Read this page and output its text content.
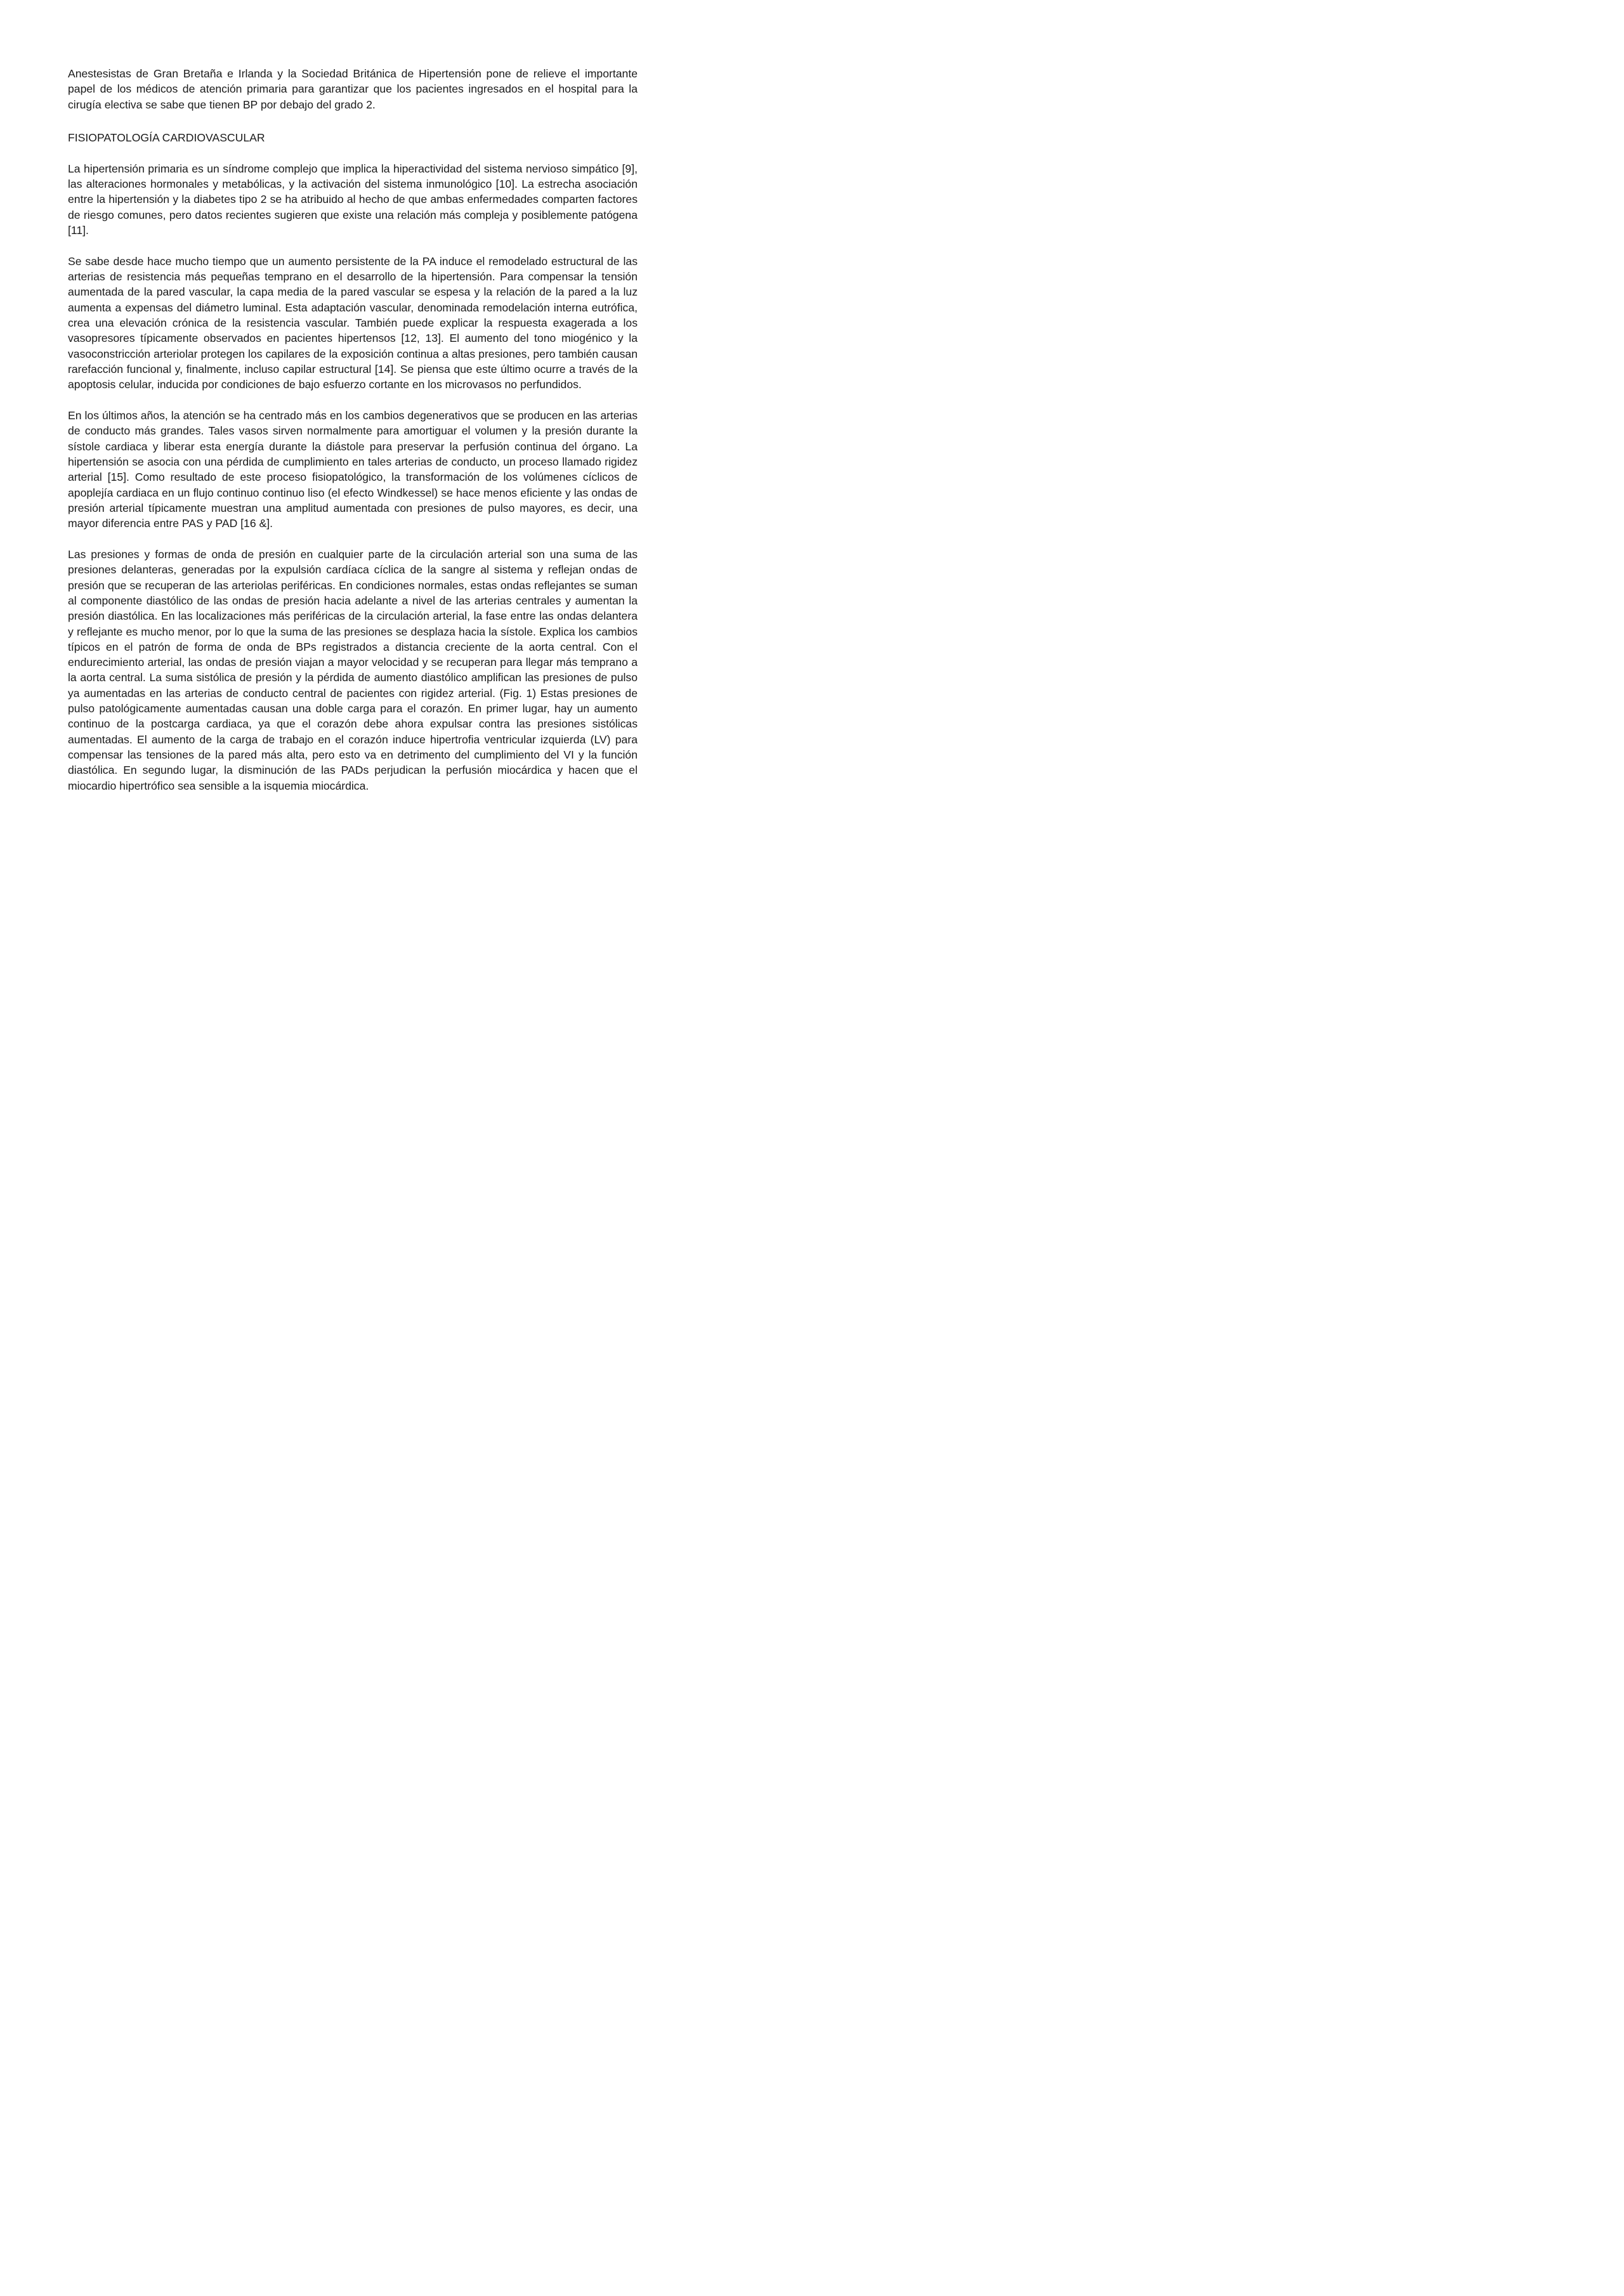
Anestesistas de Gran Bretaña e Irlanda y la Sociedad Británica de Hipertensión pone de relieve el importante papel de los médicos de atención primaria para garantizar que los pacientes ingresados en el hospital para la cirugía electiva se sabe que tienen BP por debajo del grado 2.

FISIOPATOLOGÍA CARDIOVASCULAR

La hipertensión primaria es un síndrome complejo que implica la hiperactividad del sistema nervioso simpático [9], las alteraciones hormonales y metabólicas, y la activación del sistema inmunológico [10]. La estrecha asociación entre la hipertensión y la diabetes tipo 2 se ha atribuido al hecho de que ambas enfermedades comparten factores de riesgo comunes, pero datos recientes sugieren que existe una relación más compleja y posiblemente patógena [11].

Se sabe desde hace mucho tiempo que un aumento persistente de la PA induce el remodelado estructural de las arterias de resistencia más pequeñas temprano en el desarrollo de la hipertensión. Para compensar la tensión aumentada de la pared vascular, la capa media de la pared vascular se espesa y la relación de la pared a la luz aumenta a expensas del diámetro luminal. Esta adaptación vascular, denominada remodelación interna eutrófica, crea una elevación crónica de la resistencia vascular. También puede explicar la respuesta exagerada a los vasopresores típicamente observados en pacientes hipertensos [12, 13]. El aumento del tono miogénico y la vasoconstricción arteriolar protegen los capilares de la exposición continua a altas presiones, pero también causan rarefacción funcional y, finalmente, incluso capilar estructural [14]. Se piensa que este último ocurre a través de la apoptosis celular, inducida por condiciones de bajo esfuerzo cortante en los microvasos no perfundidos.

En los últimos años, la atención se ha centrado más en los cambios degenerativos que se producen en las arterias de conducto más grandes. Tales vasos sirven normalmente para amortiguar el volumen y la presión durante la sístole cardiaca y liberar esta energía durante la diástole para preservar la perfusión continua del órgano. La hipertensión se asocia con una pérdida de cumplimiento en tales arterias de conducto, un proceso llamado rigidez arterial [15]. Como resultado de este proceso fisiopatológico, la transformación de los volúmenes cíclicos de apoplejía cardiaca en un flujo continuo continuo liso (el efecto Windkessel) se hace menos eficiente y las ondas de presión arterial típicamente muestran una amplitud aumentada con presiones de pulso mayores, es decir, una mayor diferencia entre PAS y PAD [16 &].

Las presiones y formas de onda de presión en cualquier parte de la circulación arterial son una suma de las presiones delanteras, generadas por la expulsión cardíaca cíclica de la sangre al sistema y reflejan ondas de presión que se recuperan de las arteriolas periféricas. En condiciones normales, estas ondas reflejantes se suman al componente diastólico de las ondas de presión hacia adelante a nivel de las arterias centrales y aumentan la presión diastólica. En las localizaciones más periféricas de la circulación arterial, la fase entre las ondas delantera y reflejante es mucho menor, por lo que la suma de las presiones se desplaza hacia la sístole. Explica los cambios típicos en el patrón de forma de onda de BPs registrados a distancia creciente de la aorta central. Con el endurecimiento arterial, las ondas de presión viajan a mayor velocidad y se recuperan para llegar más temprano a la aorta central. La suma sistólica de presión y la pérdida de aumento diastólico amplifican las presiones de pulso ya aumentadas en las arterias de conducto central de pacientes con rigidez arterial. (Fig. 1) Estas presiones de pulso patológicamente aumentadas causan una doble carga para el corazón. En primer lugar, hay un aumento continuo de la postcarga cardiaca, ya que el corazón debe ahora expulsar contra las presiones sistólicas aumentadas. El aumento de la carga de trabajo en el corazón induce hipertrofia ventricular izquierda (LV) para compensar las tensiones de la pared más alta, pero esto va en detrimento del cumplimiento del VI y la función diastólica. En segundo lugar, la disminución de las PADs perjudican la perfusión miocárdica y hacen que el miocardio hipertrófico sea sensible a la isquemia miocárdica.
